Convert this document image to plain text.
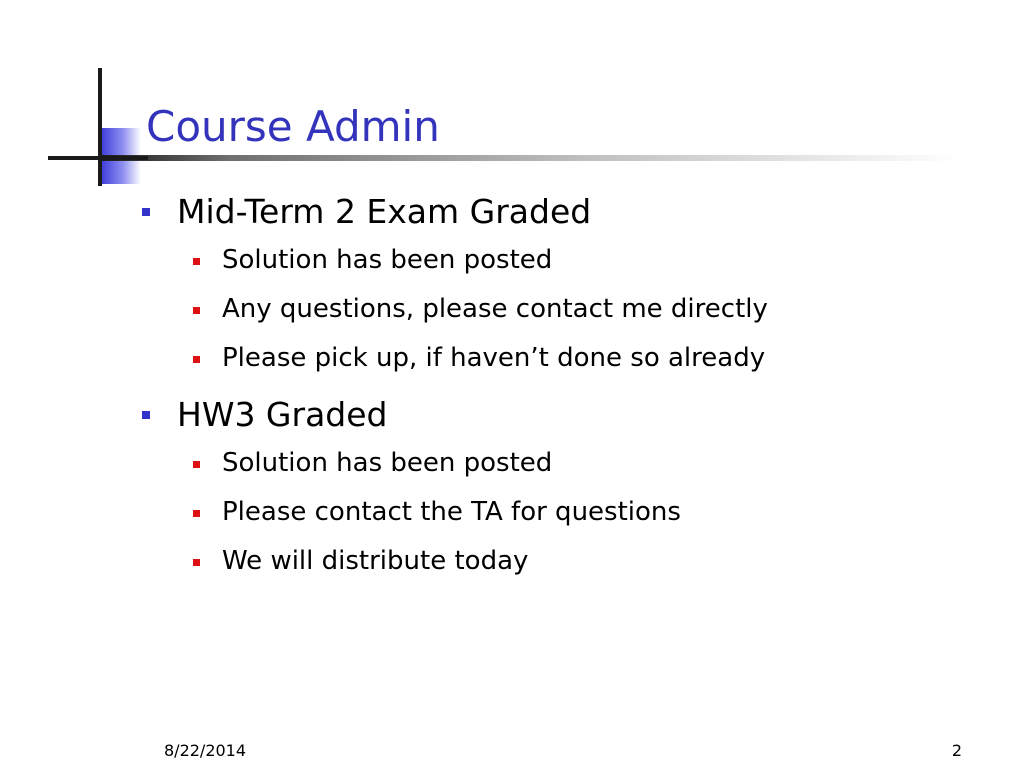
Course Admin
Mid-Term 2 Exam Graded
Solution has been posted
Any questions, please contact me directly
Please pick up, if haven’t done so already
HW3 Graded
Solution has been posted
Please contact the TA for questions
We will distribute today
8/22/2014	2
